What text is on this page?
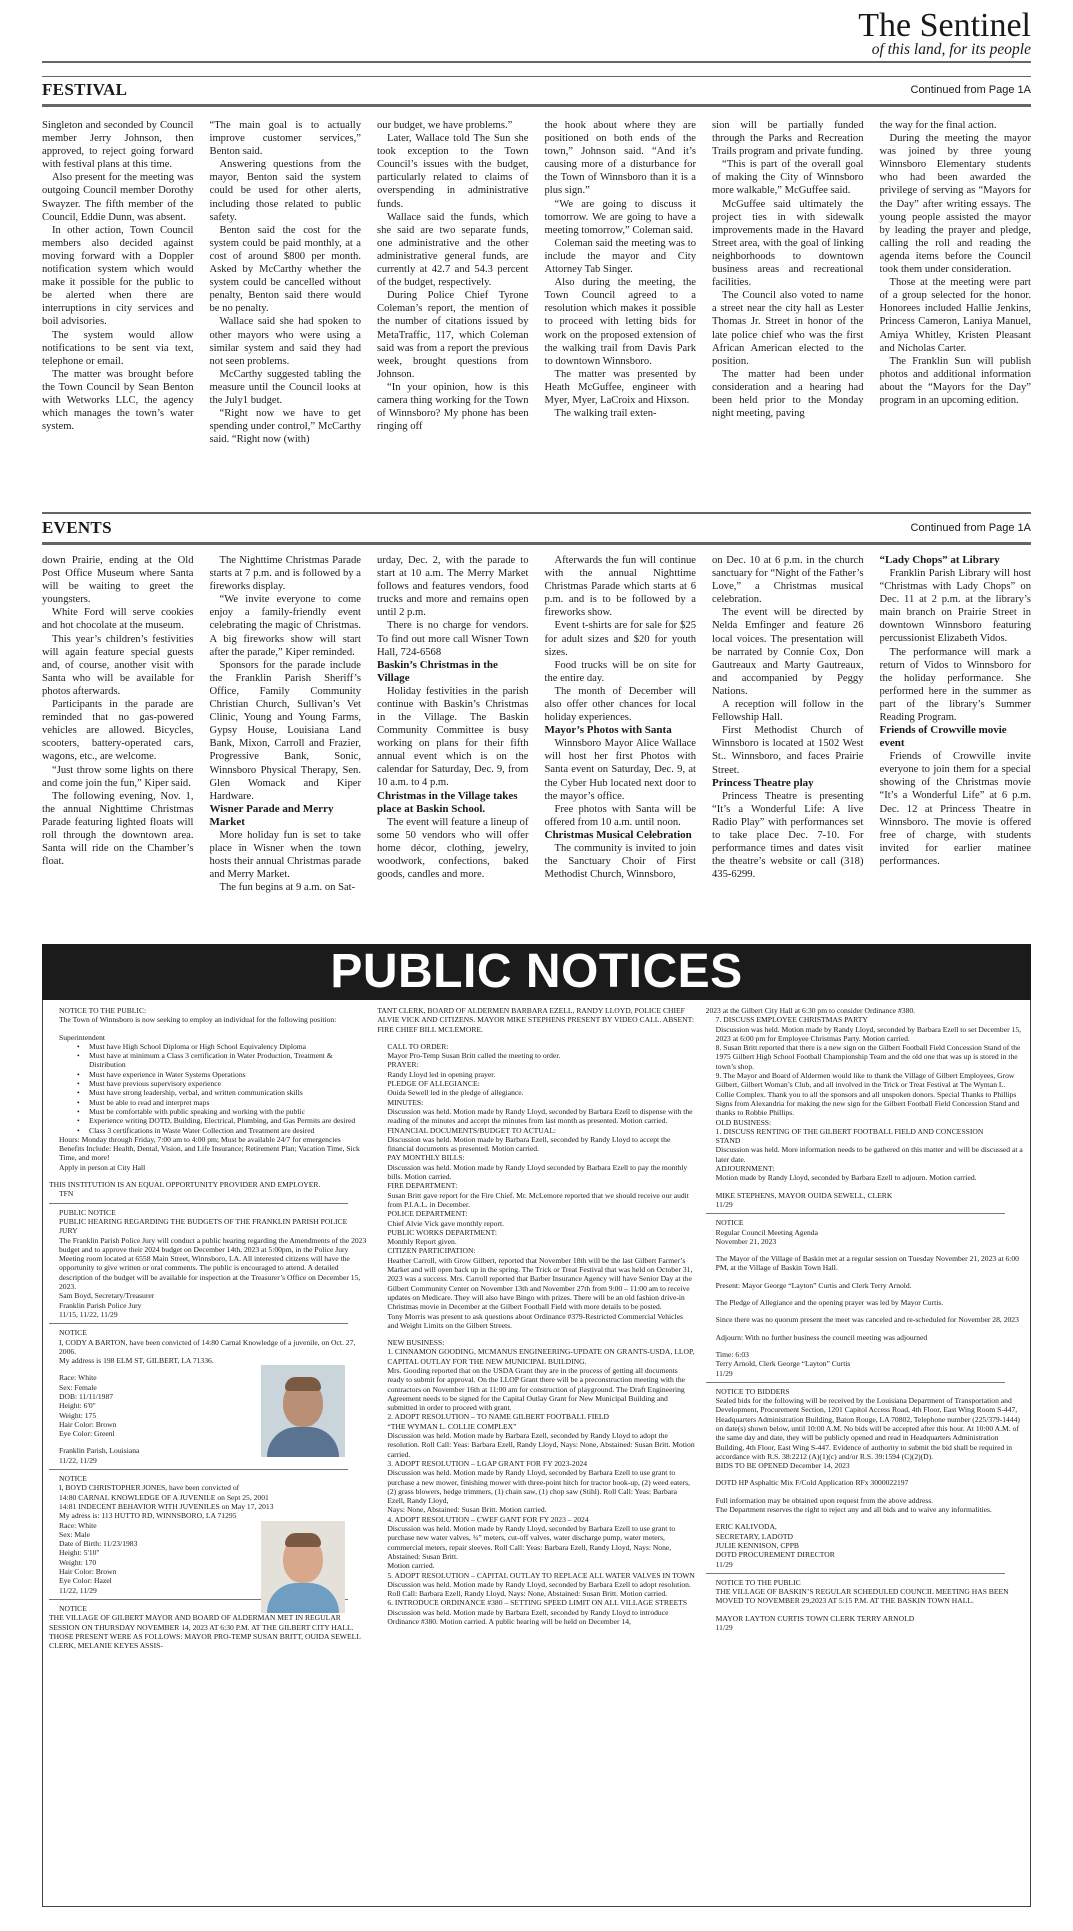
The Sentinel
of this land, for its people
FESTIVAL	Continued from Page 1A

Singleton and seconded by Council member Jerry Johnson, then approved, to reject going forward with festival plans at this time.

Also present for the meeting was outgoing Council member Dorothy Swayzer. The fifth member of the Council, Eddie Dunn, was absent.

In other action, Town Council members also decided against moving forward with a Doppler notification system which would make it possible for the public to be alerted when there are interruptions in city services and boil advisories.

The system would allow notifications to be sent via text, telephone or email.

The matter was brought before the Town Council by Sean Benton with Wetworks LLC, the agency which manages the town’s water system.

“The main goal is to actually improve customer services,” Benton said.

Answering questions from the mayor, Benton said the system could be used for other alerts, including those related to public safety.

Benton said the cost for the system could be paid monthly, at a cost of around $800 per month. Asked by McCarthy whether the system could be cancelled without penalty, Benton said there would be no penalty.

Wallace said she had spoken to other mayors who were using a similar system and said they had not seen problems.

McCarthy suggested tabling the measure until the Council looks at the July1 budget.

“Right now we have to get spending under control,” McCarthy said. “Right now (with)

our budget, we have problems.”

Later, Wallace told The Sun she took exception to the Town Council’s issues with the budget, particularly related to claims of overspending in administrative funds.

Wallace said the funds, which she said are two separate funds, one administrative and the other administrative general funds, are currently at 42.7 and 54.3 percent of the budget, respectively.

During Police Chief Tyrone Coleman’s report, the mention of the number of citations issued by MetaTraffic, 117, which Coleman said was from a report the previous week, brought questions from Johnson.

“In your opinion, how is this camera thing working for the Town of Winnsboro? My phone has been ringing off

the hook about where they are positioned on both ends of the town,” Johnson said. “And it’s causing more of a disturbance for the Town of Winnsboro than it is a plus sign.”

“We are going to discuss it tomorrow. We are going to have a meeting tomorrow,” Coleman said.

Coleman said the meeting was to include the mayor and City Attorney Tab Singer.

Also during the meeting, the Town Council agreed to a resolution which makes it possible to proceed with letting bids for work on the proposed extension of the walking trail from Davis Park to downtown Winnsboro.

The matter was presented by Heath McGuffee, engineer with Myer, Myer, LaCroix and Hixson.

The walking trail exten-

sion will be partially funded through the Parks and Recreation Trails program and private funding.

“This is part of the overall goal of making the City of Winnsboro more walkable,” McGuffee said.

McGuffee said ultimately the project ties in with sidewalk improvements made in the Havard Street area, with the goal of linking neighborhoods to downtown business areas and recreational facilities.

The Council also voted to name a street near the city hall as Lester Thomas Jr. Street in honor of the late police chief who was the first African American elected to the position.

The matter had been under consideration and a hearing had been held prior to the Monday night meeting, paving

the way for the final action.

During the meeting the mayor was joined by three young Winnsboro Elementary students who had been awarded the privilege of serving as “Mayors for the Day” after writing essays. The young people assisted the mayor by leading the prayer and pledge, calling the roll and reading the agenda items before the Council took them under consideration.

Those at the meeting were part of a group selected for the honor. Honorees included Hallie Jenkins, Princess Cameron, Laniya Manuel, Amiya Whitley, Kristen Pleasant and Nicholas Carter.

The Franklin Sun will publish photos and additional information about the “Mayors for the Day” program in an upcoming edition.

EVENTS	Continued from Page 1A

down Prairie, ending at the Old Post Office Museum where Santa will be waiting to greet the youngsters.

White Ford will serve cookies and hot chocolate at the museum.

This year’s children’s festivities will again feature special guests and, of course, another visit with Santa who will be available for photos afterwards.

Participants in the parade are reminded that no gas-powered vehicles are allowed. Bicycles, scooters, battery-operated cars, wagons, etc., are welcome.

“Just throw some lights on there and come join the fun,” Kiper said.

The following evening, Nov. 1, the annual Nighttime Christmas Parade featuring lighted floats will roll through the downtown area. Santa will ride on the Chamber’s float.

The Nighttime Christmas Parade starts at 7 p.m. and is followed by a fireworks display.

“We invite everyone to come enjoy a family-friendly event celebrating the magic of Christmas. A big fireworks show will start after the parade,” Kiper reminded.

Sponsors for the parade include the Franklin Parish Sheriff’s Office, Family Community Christian Church, Sullivan’s Vet Clinic, Young and Young Farms, Gypsy House, Louisiana Land Bank, Mixon, Carroll and Frazier, Progressive Bank, Sonic, Winnsboro Physical Therapy, Sen. Glen Womack and Kiper Hardware.

Wisner Parade and Merry Market

More holiday fun is set to take place in Wisner when the town hosts their annual Christmas parade and Merry Market.

The fun begins at 9 a.m. on Sat-

urday, Dec. 2, with the parade to start at 10 a.m. The Merry Market follows and features vendors, food trucks and more and remains open until 2 p.m.

There is no charge for vendors. To find out more call Wisner Town Hall, 724-6568

Baskin’s Christmas in the Village

Holiday festivities in the parish continue with Baskin’s Christmas in the Village. The Baskin Community Committee is busy working on plans for their fifth annual event which is on the calendar for Saturday, Dec. 9, from 10 a.m. to 4 p.m.

Christmas in the Village takes place at Baskin School.

The event will feature a lineup of some 50 vendors who will offer home décor, clothing, jewelry, woodwork, confections, baked goods, candles and more.

Afterwards the fun will continue with the annual Nighttime Christmas Parade which starts at 6 p.m. and is to be followed by a fireworks show.

Event t-shirts are for sale for $25 for adult sizes and $20 for youth sizes.

Food trucks will be on site for the entire day.

The month of December will also offer other chances for local holiday experiences.

Mayor’s Photos with Santa

Winnsboro Mayor Alice Wallace will host her first Photos with Santa event on Saturday, Dec. 9, at the Cyber Hub located next door to the mayor’s office.

Free photos with Santa will be offered from 10 a.m. until noon.

Christmas Musical Celebration

The community is invited to join the Sanctuary Choir of First Methodist Church, Winnsboro,

on Dec. 10 at 6 p.m. in the church sanctuary for “Night of the Father’s Love,” a Christmas musical celebration.

The event will be directed by Nelda Emfinger and feature 26 local voices. The presentation will be narrated by Connie Cox, Don Gautreaux and Marty Gautreaux, and accompanied by Peggy Nations.

A reception will follow in the Fellowship Hall.

First Methodist Church of Winnsboro is located at 1502 West St.. Winnsboro, and faces Prairie Street.

Princess Theatre play

Princess Theatre is presenting “It’s a Wonderful Life: A live Radio Play” with performances set to take place Dec. 7-10. For performance times and dates visit the theatre’s website or call (318) 435-6299.

“Lady Chops” at Library

Franklin Parish Library will host “Christmas with Lady Chops” on Dec. 11 at 2 p.m. at the library’s main branch on Prairie Street in downtown Winnsboro featuring percussionist Elizabeth Vidos.

The performance will mark a return of Vidos to Winnsboro for the holiday performance. She performed here in the summer as part of the library’s Summer Reading Program.

Friends of Crowville movie event

Friends of Crowville invite everyone to join them for a special showing of the Christmas movie “It’s a Wonderful Life” at 6 p.m. Dec. 12 at Princess Theatre in Winnsboro. The movie is offered free of charge, with students invited for earlier matinee performances.

PUBLIC NOTICES

NOTICE TO THE PUBLIC:

The Town of Winnsboro is now seeking to employ an individual for the following position:

Superintendent

• Must have High School Diploma or High School Equivalency Diploma

• Must have at minimum a Class 3 certification in Water Production, Treatment & Distribution

• Must have experience in Water Systems Operations

• Must have previous supervisory experience

• Must have strong leadership, verbal, and written communication skills

• Must be able to read and interpret maps

• Must be comfortable with public speaking and working with the public

• Experience writing DOTD, Building, Electrical, Plumbing, and Gas Permits are desired

• Class 3 certifications in Waste Water Collection and Treatment are desired

Hours: Monday through Friday, 7:00 am to 4:00 pm; Must be available 24/7 for emergencies

Benefits Include: Health, Dental, Vision, and Life Insurance; Retirement Plan; Vacation Time, Sick Time, and more!

Apply in person at City Hall

THIS INSTITUTION IS AN EQUAL OPPORTUNITY PROVIDER AND EMPLOYER.

TFN

PUBLIC NOTICE

PUBLIC HEARING REGARDING THE BUDGETS OF THE FRANKLIN PARISH POLICE JURY

The Franklin Parish Police Jury will conduct a public hearing regarding the Amendments of the 2023 budget and to approve their 2024 budget on December 14th, 2023 at 5:00pm, in the Police Jury Meeting room located at 6558 Main Street, Winnsboro, LA. All interested citizens will have the opportunity to give written or oral comments. The public is encouraged to attend. A detailed description of the budget will be available for inspection at the Treasurer’s Office on December 15, 2023.

Sam Boyd, Secretary/Treasurer

Franklin Parish Police Jury

11/15, 11/22, 11/29

NOTICE

I, CODY A BARTON, have been convicted of 14:80 Carnal Knowledge of a juvenile, on Oct. 27, 2006.

My address is 198 ELM ST, GILBERT, LA 71336.

Race: White

Sex: Female

DOB: 11/11/1987

Height: 6'0"

Weight: 175

Hair Color: Brown

Eye Color: Greenl

Franklin Parish, Louisiana

11/22, 11/29

NOTICE

I, BOYD CHRISTOPHER JONES, have been convicted of

14:80 CARNAL KNOWLEDGE OF A JUVENILE on Sept 25, 2001

14:81 INDECENT BEHAVIOR WITH JUVENILES on May 17, 2013

My adress is: 113 HUTTO RD, WINNSBORO, LA 71295

Race: White

Sex: Male

Date of Birth: 11/23/1983

Height: 5'10"

Weight: 170

Hair Color: Brown

Eye Color: Hazel

11/22, 11/29

NOTICE

THE VILLAGE OF GILBERT MAYOR AND BOARD OF ALDERMAN MET IN REGULAR SESSION ON THURSDAY NOVEMBER 14, 2023 AT 6:30 P.M. AT THE GILBERT CITY HALL. THOSE PRESENT WERE AS FOLLOWS: MAYOR PRO-TEMP SUSAN BRITT, OUIDA SEWELL CLERK, MELANIE KEYES ASSIS-

TANT CLERK, BOARD OF ALDERMEN BARBARA EZELL, RANDY LLOYD, POLICE CHIEF ALVIE VICK AND CITIZENS. MAYOR MIKE STEPHENS PRESENT BY VIDEO CALL. ABSENT: FIRE CHIEF BILL MCLEMORE.

CALL TO ORDER:

Mayor Pro-Temp Susan Britt called the meeting to order.

PRAYER:

Randy Lloyd led in opening prayer.

PLEDGE OF ALLEGIANCE:

Ouida Sewell led in the pledge of allegiance.

MINUTES:

Discussion was held. Motion made by Randy Lloyd, seconded by Barbara Ezell to dispense with the reading of the minutes and accept the minutes from last month as presented. Motion carried.

FINANCIAL DOCUMENTS/BUDGET TO ACTUAL:

Discussion was held. Motion made by Barbara Ezell, seconded by Randy Lloyd to accept the financial documents as presented. Motion carried.

PAY MONTHLY BILLS:

Discussion was held. Motion made by Randy Lloyd seconded by Barbara Ezell to pay the monthly bills. Motion carried.

FIRE DEPARTMENT:

Susan Britt gave report for the Fire Chief. Mr. McLemore reported that we should receive our audit from P.I.A.L. in December.

POLICE DEPARTMENT:

Chief Alvie Vick gave monthly report.

PUBLIC WORKS DEPARTMENT:

Monthly Report given.

CITIZEN PARTICIPATION:

Heather Carroll, with Grow Gilbert, reported that November 18th will be the last Gilbert Farmer’s Market and will open back up in the spring. The Trick or Treat Festival that was held on October 31, 2023 was a success. Mrs. Carroll reported that Barber Insurance Agency will have Senior Day at the Gilbert Community Center on November 13th and November 27th from 9:00 – 11:00 am to receive updates on Medicare. They will also have Bingo with prizes. There will be an old fashion drive-in Christmas movie in December at the Gilbert Football Field with more details to be posted.

Tony Morris was present to ask questions about Ordinance #379-Restricted Commercial Vehicles and Weight Limits on the Gilbert Streets.

NEW BUSINESS:

1. CINNAMON GOODING, MCMANUS ENGINEERING-UPDATE ON GRANTS-USDA, LLOP, CAPITAL OUTLAY FOR THE NEW MUNICIPAL BUILDING.

Mrs. Gooding reported that on the USDA Grant they are in the process of getting all documents ready to submit for approval. On the LLOP Grant there will be a preconstruction meeting with the contractors on November 16th at 11:00 am for construction of playground. The Draft Engineering Agreement needs to be signed for the Capital Outlay Grant for New Municipal Building and submitted in order to proceed with grant.

2. ADOPT RESOLUTION – TO NAME GILBERT FOOTBALL FIELD

“THE WYMAN L. COLLIE COMPLEX”

Discussion was held. Motion made by Barbara Ezell, seconded by Randy Lloyd to adopt the resolution. Roll Call: Yeas: Barbara Ezell, Randy Lloyd, Nays: None, Abstained: Susan Britt. Motion carried.

3. ADOPT RESOLUTION – LGAP GRANT FOR FY 2023-2024

Discussion was held. Motion made by Randy Lloyd, seconded by Barbara Ezell to use grant to purchase a new mower, finishing mower with three-point hitch for tractor hook-up, (2) weed eaters, (2) grass blowers, hedge trimmers, (1) chain saw, (1) chop saw (Stihl). Roll Call: Yeas: Barbara Ezell, Randy Lloyd,

Nays: None, Abstained: Susan Britt. Motion carried.

4. ADOPT RESOLUTION – CWEF GANT FOR FY 2023 – 2024

Discussion was held. Motion made by Randy Lloyd, seconded by Barbara Ezell to use grant to purchase new water valves, ¾” meters, cut-off valves, water discharge pump, water meters, commercial meters, repair sleeves. Roll Call: Yeas: Barbara Ezell, Randy Lloyd, Nays: None, Abstained: Susan Britt.

Motion carried.

5. ADOPT RESOLUTION – CAPITAL OUTLAY TO REPLACE ALL WATER VALVES IN TOWN

Discussion was held. Motion made by Randy Lloyd, seconded by Barbara Ezell to adopt resolution.

Roll Call: Barbara Ezell, Randy Lloyd, Nays: None, Abstained: Susan Britt. Motion carried.

6. INTRODUCE ORDINANCE #380 – SETTING SPEED LIMIT ON ALL VILLAGE STREETS

Discussion was held. Motion made by Barbara Ezell, seconded by Randy Lloyd to introduce

Ordinance #380. Motion carried. A public hearing will be held on December 14,

2023 at the Gilbert City Hall at 6:30 pm to consider Ordinance #380.

7. DISCUSS EMPLOYEE CHRISTMAS PARTY

Discussion was held. Motion made by Randy Lloyd, seconded by Barbara Ezell to set December 15, 2023 at 6:00 pm for Employee Christmas Party. Motion carried.

8. Susan Britt reported that there is a new sign on the Gilbert Football Field Concession Stand of the 1975 Gilbert High School Football Championship Team and the old one that was up is stored in the town’s shop.

9. The Mayor and Board of Aldermen would like to thank the Village of Gilbert Employees, Grow Gilbert, Gilbert Woman’s Club, and all involved in the Trick or Treat Festival at The Wyman L. Collie Complex. Thank you to all the sponsors and all unspoken donors. Special Thanks to Phillips Signs from Alexandria for making the new sign for the Gilbert Football Field Concession Stand and thanks to Robbie Phillips.

OLD BUSINESS:

1. DISCUSS RENTING OF THE GILBERT FOOTBALL FIELD AND CONCESSION

STAND

Discussion was held. More information needs to be gathered on this matter and will be discussed at a later date.

ADJOURNMENT:

Motion made by Randy Lloyd, seconded by Barbara Ezell to adjourn. Motion carried.

MIKE STEPHENS, MAYOR OUIDA SEWELL, CLERK

11/29

NOTICE

Regular Council Meeting Agenda

November 21, 2023

The Mayor of the Village of Baskin met at a regular session on Tuesday November 21, 2023 at 6:00 PM, at the Village of Baskin Town Hall.

Present: Mayor George “Layton” Curtis and Clerk Terry Arnold.

The Pledge of Allegiance and the opening prayer was led by Mayor Curtis.

Since there was no quorum present the meet was canceled and re-scheduled for November 28, 2023

Adjourn: With no further business the council meeting was adjourned

Time: 6:03

Terry Arnold, Clerk George “Layton” Curtis

11/29

NOTICE TO BIDDERS

Sealed bids for the following will be received by the Louisiana Department of Transportation and Development, Procurement Section, 1201 Capitol Access Road, 4th Floor, East Wing Room S-447, Headquarters Administration Building, Baton Rouge, LA 70802, Telephone number (225/379-1444) on date(s) shown below, until 10:00 A.M. No bids will be accepted after this hour. At 10:00 A.M. of the same day and date, they will be publicly opened and read in Headquarters Administration Building, 4th Floor, East Wing S-447. Evidence of authority to submit the bid shall be required in accordance with R.S. 38:2212 (A)(1)(c) and/or R.S. 39:1594 (C)(2)(D).

BIDS TO BE OPENED December 14, 2023

DOTD HP Asphaltic Mix F/Cold Application RFx 3000022197

Full information may be obtained upon request from the above address.

The Department reserves the right to reject any and all bids and to waive any informalities.

ERIC KALIVODA,

SECRETARY, LADOTD

JULIE KENNISON, CPPB

DOTD PROCUREMENT DIRECTOR

11/29

NOTICE TO THE PUBLIC

THE VILLAGE OF BASKIN’S REGULAR SCHEDULED COUNCIL MEETING HAS BEEN MOVED TO NOVEMBER 29,2023 AT 5:15 P.M. AT THE BASKIN TOWN HALL.

MAYOR LAYTON CURTIS TOWN CLERK TERRY ARNOLD

11/29
